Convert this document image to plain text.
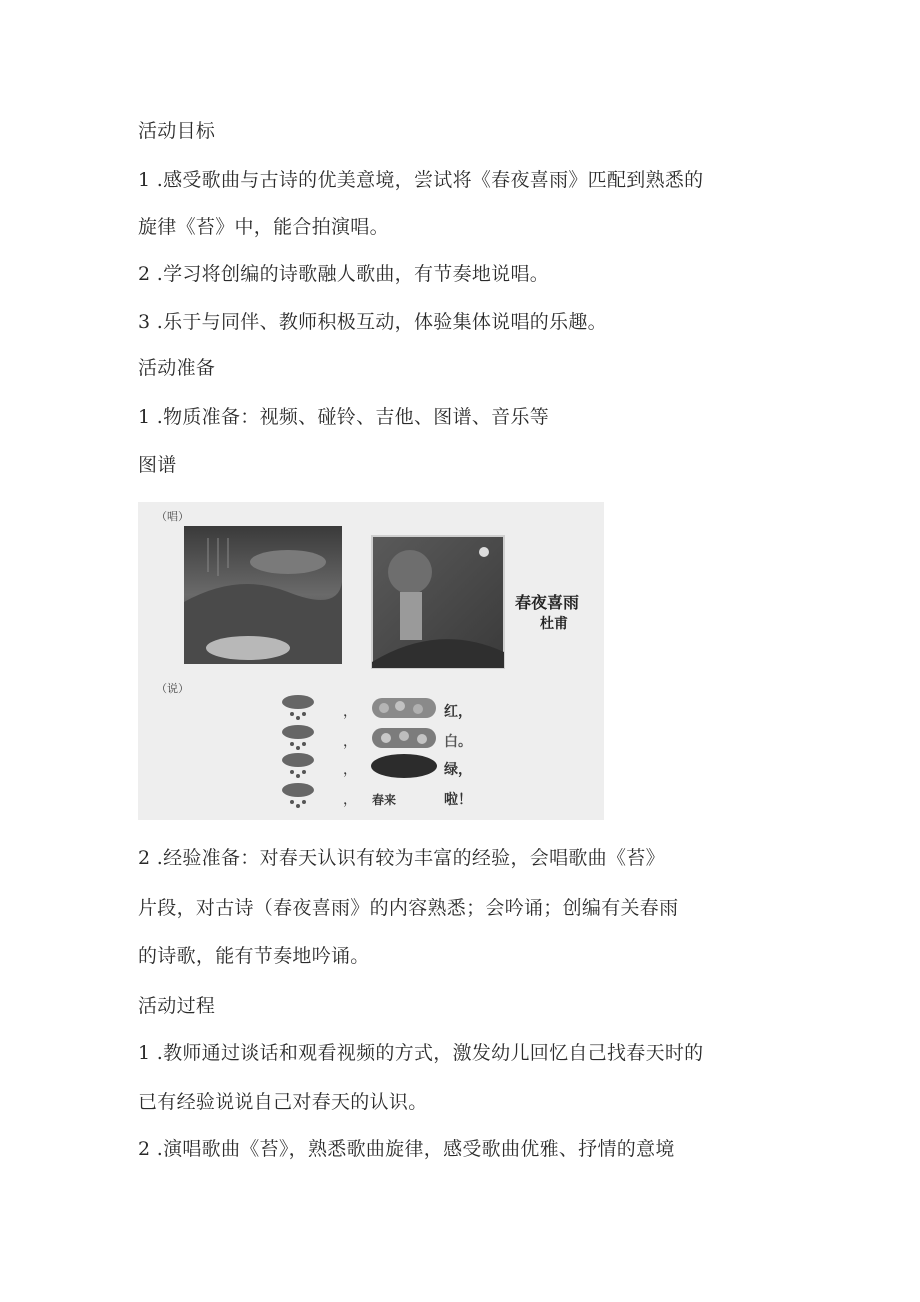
活动目标

1 .感受歌曲与古诗的优美意境，尝试将《春夜喜雨》匹配到熟悉的

旋律《苔》中，能合拍演唱。

2 .学习将创编的诗歌融人歌曲，有节奏地说唱。

3 .乐于与同伴、教师积极互动，体验集体说唱的乐趣。

活动准备

1 .物质准备：视频、碰铃、吉他、图谱、音乐等

图谱

（唱）
春夜喜雨
杜甫
（说）
，
，
，
， 春来
红，
白。
绿，
啦！

2 .经验准备：对春天认识有较为丰富的经验，会唱歌曲《苔》

片段，对古诗（春夜喜雨》的内容熟悉；会吟诵；创编有关春雨

的诗歌，能有节奏地吟诵。

活动过程

1 .教师通过谈话和观看视频的方式，激发幼儿回忆自己找春天时的

已有经验说说自己对春天的认识。

2 .演唱歌曲《苔》，熟悉歌曲旋律，感受歌曲优雅、抒情的意境
